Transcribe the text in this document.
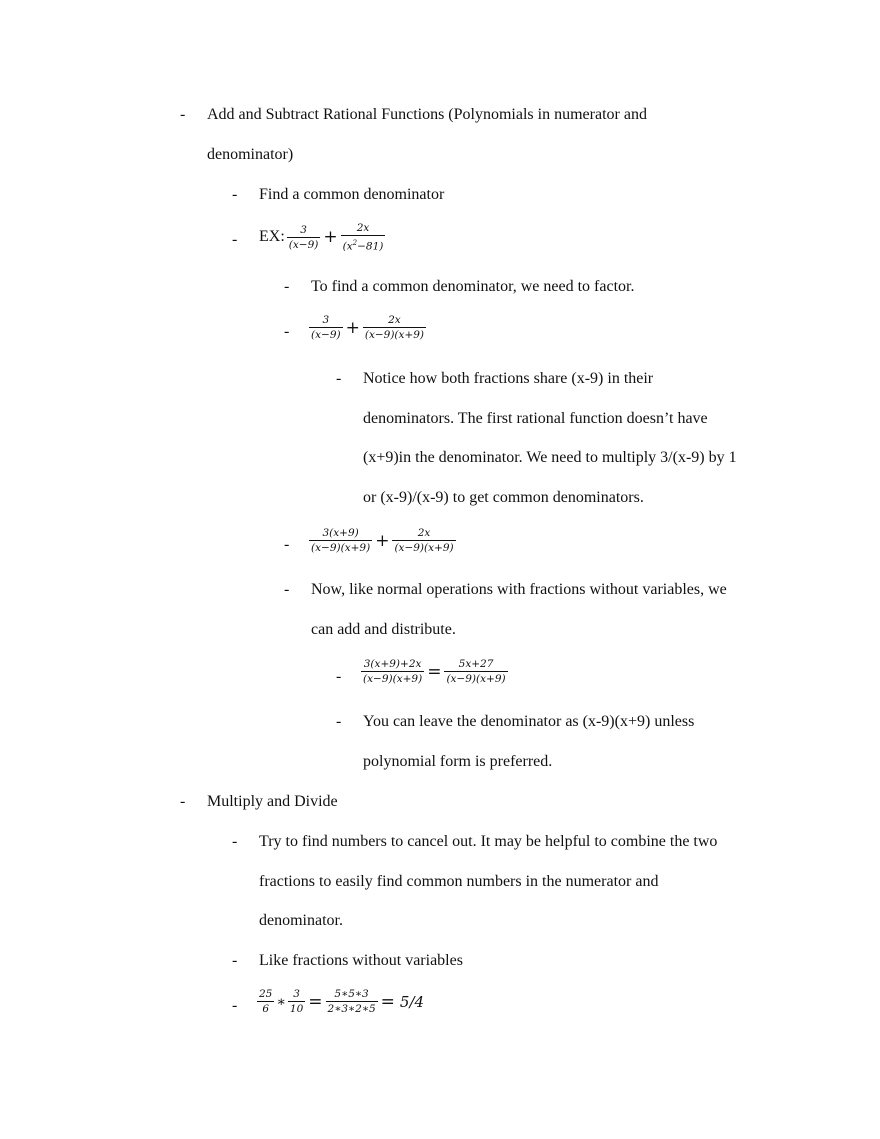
- Add and Subtract Rational Functions (Polynomials in numerator and
denominator)
- Find a common denominator
- EX: $\frac{3}{(x-9)} + \frac{2x}{(x^2-81)}$
- To find a common denominator, we need to factor.
- $\frac{3}{(x-9)} + \frac{2x}{(x-9)(x+9)}$
- Notice how both fractions share (x-9) in their
denominators. The first rational function doesn’t have
(x+9)in the denominator. We need to multiply 3/(x-9) by 1
or (x-9)/(x-9) to get common denominators.
- $\frac{3(x+9)}{(x-9)(x+9)} + \frac{2x}{(x-9)(x+9)}$
- Now, like normal operations with fractions without variables, we
can add and distribute.
- $\frac{3(x+9)+2x}{(x-9)(x+9)} = \frac{5x+27}{(x-9)(x+9)}$
- You can leave the denominator as (x-9)(x+9) unless
polynomial form is preferred.
- Multiply and Divide
- Try to find numbers to cancel out. It may be helpful to combine the two
fractions to easily find common numbers in the numerator and
denominator.
- Like fractions without variables
- $\frac{25}{6}$ ∗ $\frac{3}{10} = \frac{5∗5∗3}{2∗3∗2∗5} = 5/4$
